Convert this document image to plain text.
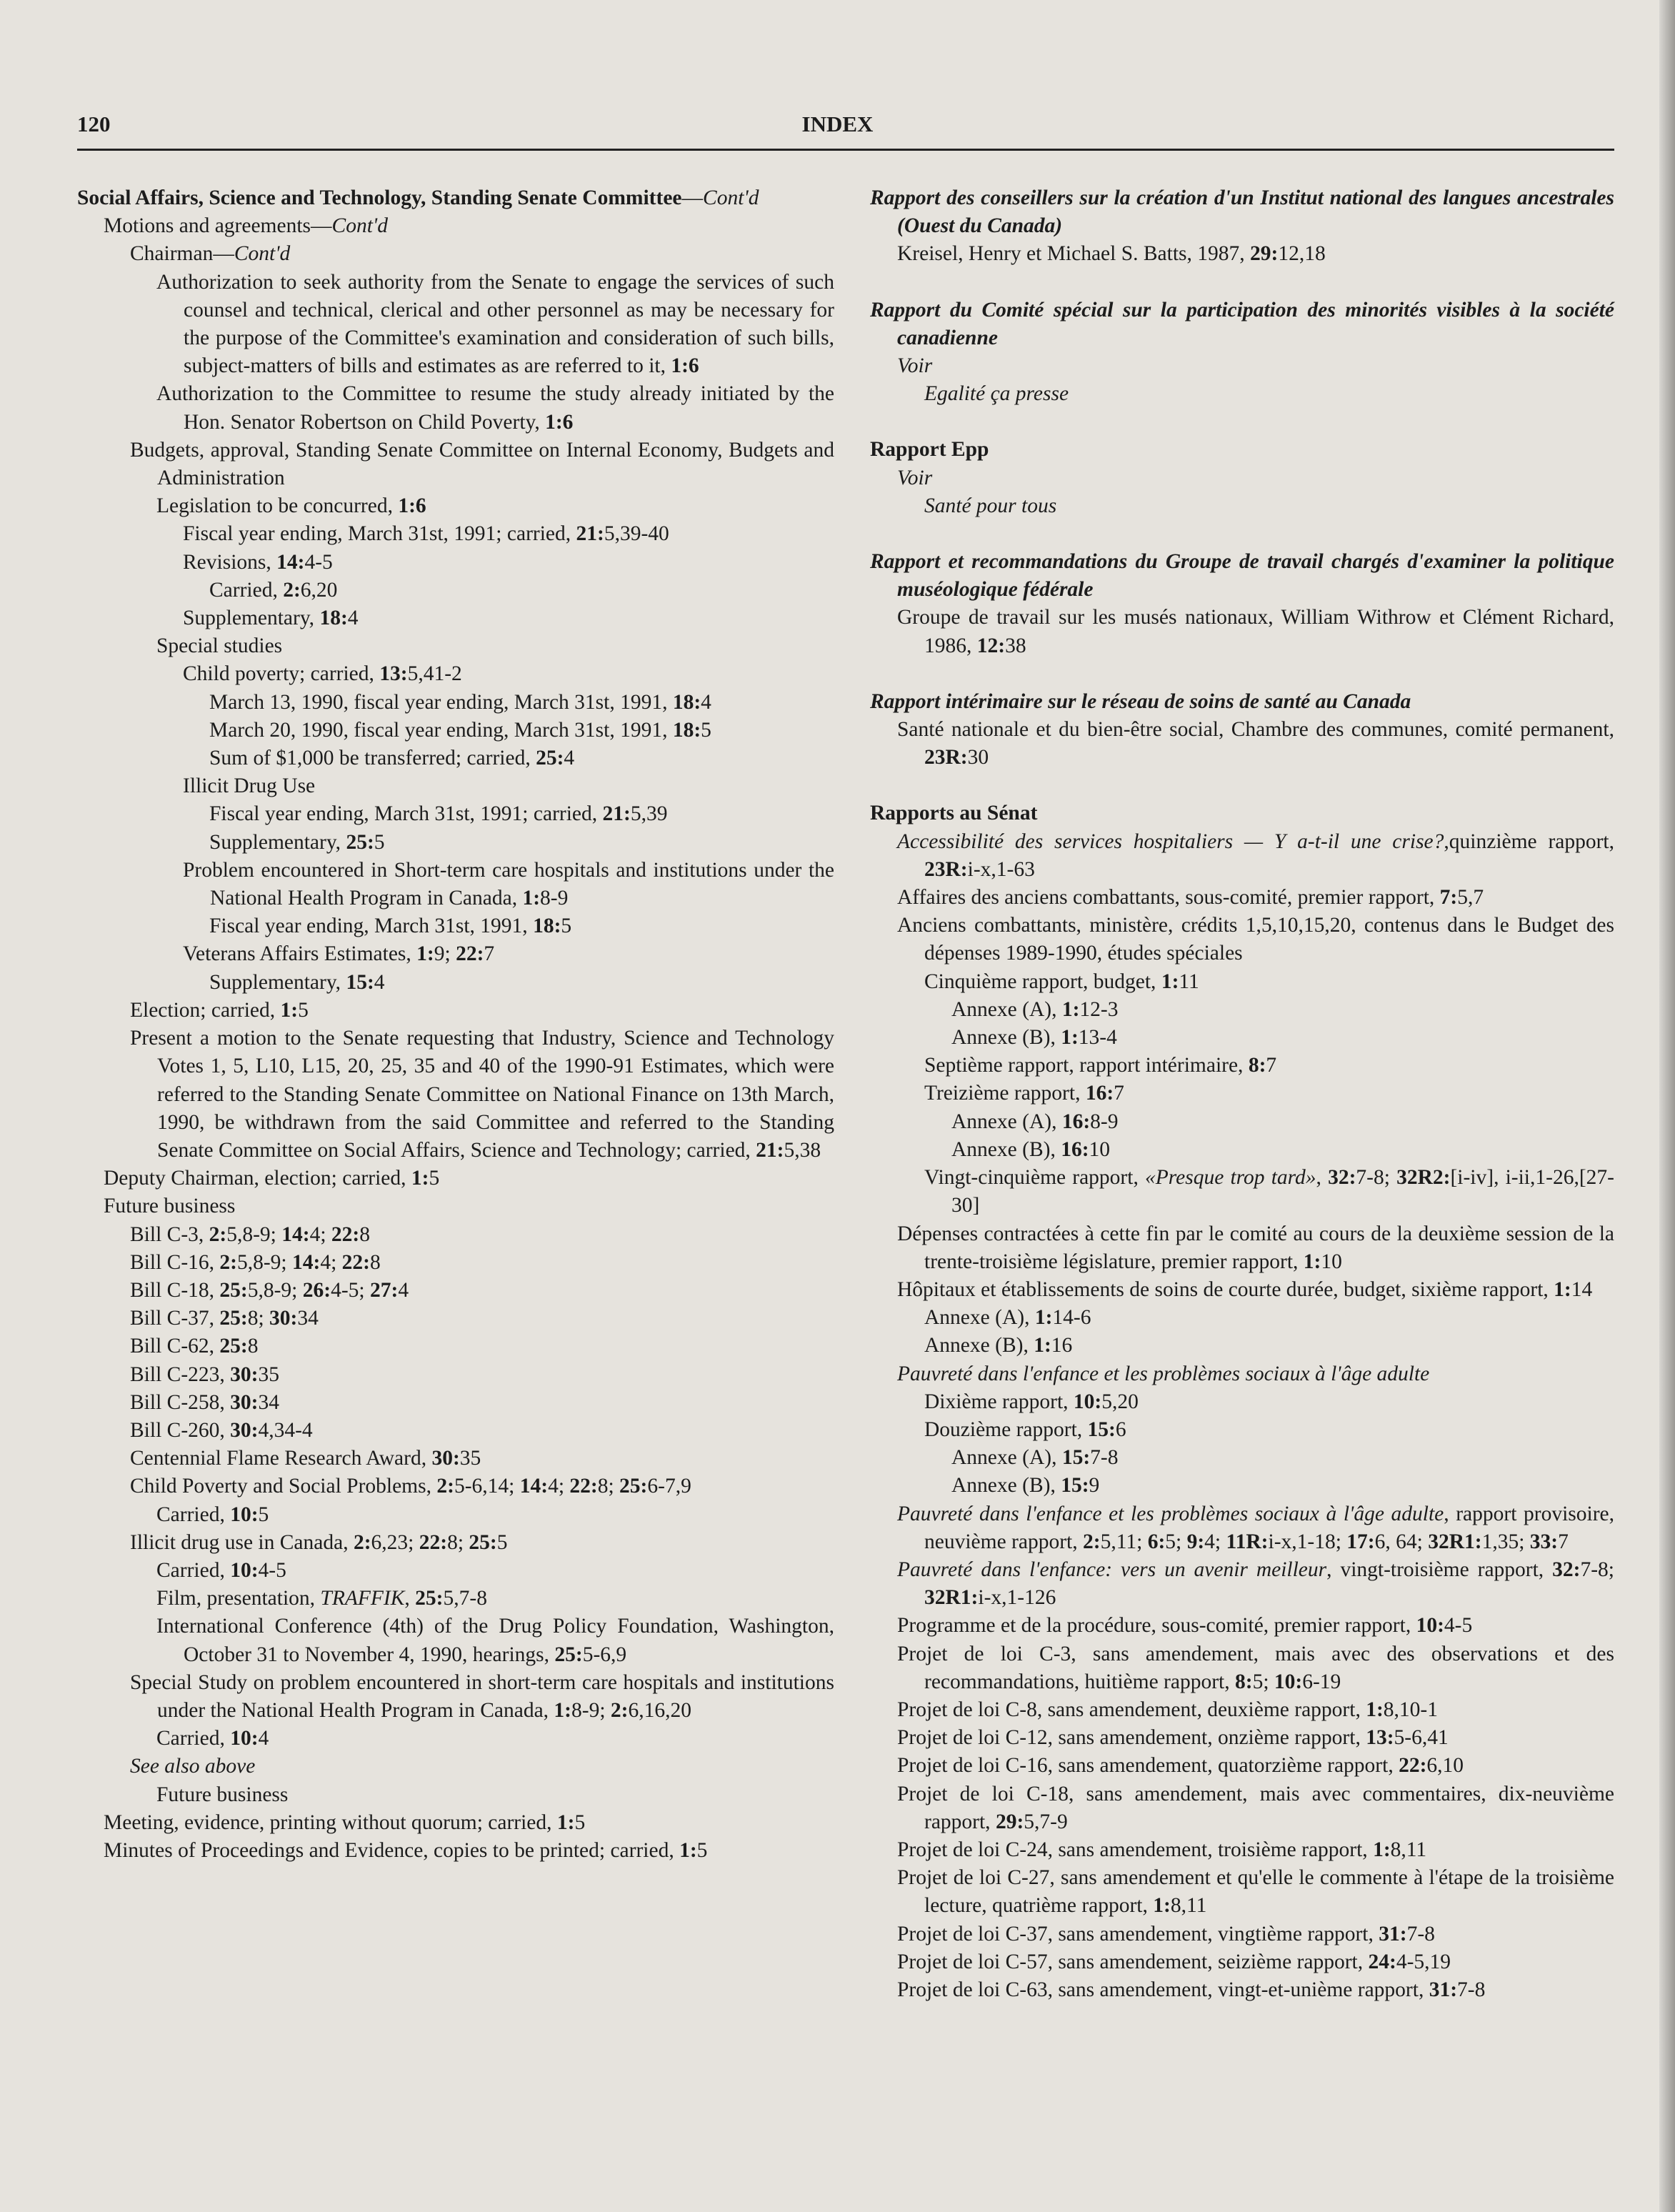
120	INDEX
Social Affairs, Science and Technology, Standing Senate Committee—Cont'd
Motions and agreements—Cont'd
Chairman—Cont'd
Authorization to seek authority from the Senate to engage the services of such counsel and technical, clerical and other personnel as may be necessary for the purpose of the Committee's examination and consideration of such bills, subject-matters of bills and estimates as are referred to it, 1:6
Authorization to the Committee to resume the study already initiated by the Hon. Senator Robertson on Child Poverty, 1:6
Budgets, approval, Standing Senate Committee on Internal Economy, Budgets and Administration
Legislation to be concurred, 1:6
Fiscal year ending, March 31st, 1991; carried, 21:5,39-40
Revisions, 14:4-5
Carried, 2:6,20
Supplementary, 18:4
Special studies
Child poverty; carried, 13:5,41-2
March 13, 1990, fiscal year ending, March 31st, 1991, 18:4
March 20, 1990, fiscal year ending, March 31st, 1991, 18:5
Sum of $1,000 be transferred; carried, 25:4
Illicit Drug Use
Fiscal year ending, March 31st, 1991; carried, 21:5,39
Supplementary, 25:5
Problem encountered in Short-term care hospitals and institutions under the National Health Program in Canada, 1:8-9
Fiscal year ending, March 31st, 1991, 18:5
Veterans Affairs Estimates, 1:9; 22:7
Supplementary, 15:4
Election; carried, 1:5
Present a motion to the Senate requesting that Industry, Science and Technology Votes 1, 5, L10, L15, 20, 25, 35 and 40 of the 1990-91 Estimates, which were referred to the Standing Senate Committee on National Finance on 13th March, 1990, be withdrawn from the said Committee and referred to the Standing Senate Committee on Social Affairs, Science and Technology; carried, 21:5,38
Deputy Chairman, election; carried, 1:5
Future business
Bill C-3, 2:5,8-9; 14:4; 22:8
Bill C-16, 2:5,8-9; 14:4; 22:8
Bill C-18, 25:5,8-9; 26:4-5; 27:4
Bill C-37, 25:8; 30:34
Bill C-62, 25:8
Bill C-223, 30:35
Bill C-258, 30:34
Bill C-260, 30:4,34-4
Centennial Flame Research Award, 30:35
Child Poverty and Social Problems, 2:5-6,14; 14:4; 22:8; 25:6-7,9
Carried, 10:5
Illicit drug use in Canada, 2:6,23; 22:8; 25:5
Carried, 10:4-5
Film, presentation, TRAFFIK, 25:5,7-8
International Conference (4th) of the Drug Policy Foundation, Washington, October 31 to November 4, 1990, hearings, 25:5-6,9
Special Study on problem encountered in short-term care hospitals and institutions under the National Health Program in Canada, 1:8-9; 2:6,16,20
Carried, 10:4
See also above
Future business
Meeting, evidence, printing without quorum; carried, 1:5
Minutes of Proceedings and Evidence, copies to be printed; carried, 1:5
Rapport des conseillers sur la création d'un Institut national des langues ancestrales (Ouest du Canada)
Kreisel, Henry et Michael S. Batts, 1987, 29:12,18
Rapport du Comité spécial sur la participation des minorités visibles à la société canadienne
Voir
Egalité ça presse
Rapport Epp
Voir
Santé pour tous
Rapport et recommandations du Groupe de travail chargés d'examiner la politique muséologique fédérale
Groupe de travail sur les musés nationaux, William Withrow et Clément Richard, 1986, 12:38
Rapport intérimaire sur le réseau de soins de santé au Canada
Santé nationale et du bien-être social, Chambre des communes, comité permanent, 23R:30
Rapports au Sénat
Accessibilité des services hospitaliers — Y a-t-il une crise?,quinzième rapport, 23R:i-x,1-63
Affaires des anciens combattants, sous-comité, premier rapport, 7:5,7
Anciens combattants, ministère, crédits 1,5,10,15,20, contenus dans le Budget des dépenses 1989-1990, études spéciales
Cinquième rapport, budget, 1:11
Annexe (A), 1:12-3
Annexe (B), 1:13-4
Septième rapport, rapport intérimaire, 8:7
Treizième rapport, 16:7
Annexe (A), 16:8-9
Annexe (B), 16:10
Vingt-cinquième rapport, «Presque trop tard», 32:7-8; 32R2:[i-iv], i-ii,1-26,[27-30]
Dépenses contractées à cette fin par le comité au cours de la deuxième session de la trente-troisième législature, premier rapport, 1:10
Hôpitaux et établissements de soins de courte durée, budget, sixième rapport, 1:14
Annexe (A), 1:14-6
Annexe (B), 1:16
Pauvreté dans l'enfance et les problèmes sociaux à l'âge adulte
Dixième rapport, 10:5,20
Douzième rapport, 15:6
Annexe (A), 15:7-8
Annexe (B), 15:9
Pauvreté dans l'enfance et les problèmes sociaux à l'âge adulte, rapport provisoire, neuvième rapport, 2:5,11; 6:5; 9:4; 11R:i-x,1-18; 17:6, 64; 32R1:1,35; 33:7
Pauvreté dans l'enfance: vers un avenir meilleur, vingt-troisième rapport, 32:7-8; 32R1:i-x,1-126
Programme et de la procédure, sous-comité, premier rapport, 10:4-5
Projet de loi C-3, sans amendement, mais avec des observations et des recommandations, huitième rapport, 8:5; 10:6-19
Projet de loi C-8, sans amendement, deuxième rapport, 1:8,10-1
Projet de loi C-12, sans amendement, onzième rapport, 13:5-6,41
Projet de loi C-16, sans amendement, quatorzième rapport, 22:6,10
Projet de loi C-18, sans amendement, mais avec commentaires, dix-neuvième rapport, 29:5,7-9
Projet de loi C-24, sans amendement, troisième rapport, 1:8,11
Projet de loi C-27, sans amendement et qu'elle le commente à l'étape de la troisième lecture, quatrième rapport, 1:8,11
Projet de loi C-37, sans amendement, vingtième rapport, 31:7-8
Projet de loi C-57, sans amendement, seizième rapport, 24:4-5,19
Projet de loi C-63, sans amendement, vingt-et-unième rapport, 31:7-8
